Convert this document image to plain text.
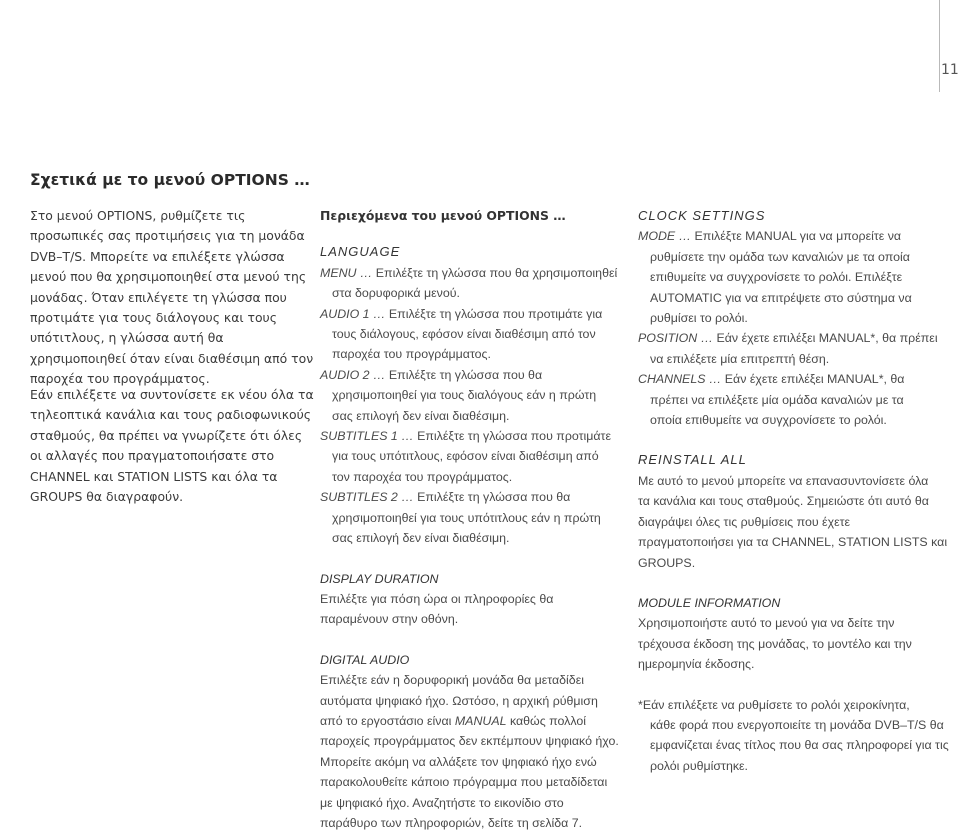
11
Σχετικά με το μενού OPTIONS …
Στο μενού OPTIONS, ρυθμίζετε τις προσωπικές σας προτιμήσεις για τη μονάδα DVB–T/S. Μπορείτε να επιλέξετε γλώσσα μενού που θα χρησιμοποιηθεί στα μενού της μονάδας. Όταν επιλέγετε τη γλώσσα που προτιμάτε για τους διάλογους και τους υπότιτλους, η γλώσσα αυτή θα χρησιμοποιηθεί όταν είναι διαθέσιμη από τον παροχέα του προγράμματος.
Εάν επιλέξετε να συντονίσετε εκ νέου όλα τα τηλεοπτικά κανάλια και τους ραδιοφωνικούς σταθμούς, θα πρέπει να γνωρίζετε ότι όλες οι αλλαγές που πραγματοποιήσατε στο CHANNEL και STATION LISTS και όλα τα GROUPS θα διαγραφούν.
Περιεχόμενα του μενού OPTIONS …
LANGUAGE
MENU … Επιλέξτε τη γλώσσα που θα χρησιμοποιηθεί
στα δορυφορικά μενού.
AUDIO 1 … Επιλέξτε τη γλώσσα που προτιμάτε για
τους διάλογους, εφόσον είναι διαθέσιμη από τον
παροχέα του προγράμματος.
AUDIO 2 … Επιλέξτε τη γλώσσα που θα
χρησιμοποιηθεί για τους διαλόγους εάν η πρώτη
σας επιλογή δεν είναι διαθέσιμη.
SUBTITLES 1 … Επιλέξτε τη γλώσσα που προτιμάτε
για τους υπότιτλους, εφόσον είναι διαθέσιμη από
τον παροχέα του προγράμματος.
SUBTITLES 2 … Επιλέξτε τη γλώσσα που θα
χρησιμοποιηθεί για τους υπότιτλους εάν η πρώτη
σας επιλογή δεν είναι διαθέσιμη.
DISPLAY DURATION
Επιλέξτε για πόση ώρα οι πληροφορίες θα
παραμένουν στην οθόνη.
DIGITAL AUDIO
Επιλέξτε εάν η δορυφορική μονάδα θα μεταδίδει
αυτόματα ψηφιακό ήχο. Ωστόσο, η αρχική ρύθμιση
από το εργοστάσιο είναι MANUAL καθώς πολλοί
παροχείς προγράμματος δεν εκπέμπουν ψηφιακό ήχο.
Μπορείτε ακόμη να αλλάξετε τον ψηφιακό ήχο ενώ
παρακολουθείτε κάποιο πρόγραμμα που μεταδίδεται
με ψηφιακό ήχο. Αναζητήστε το εικονίδιο στο
παράθυρο των πληροφοριών, δείτε τη σελίδα 7.
CLOCK SETTINGS
MODE … Επιλέξτε MANUAL για να μπορείτε να
ρυθμίσετε την ομάδα των καναλιών με τα οποία
επιθυμείτε να συγχρονίσετε το ρολόι. Επιλέξτε
AUTOMATIC για να επιτρέψετε στο σύστημα να
ρυθμίσει το ρολόι.
POSITION … Εάν έχετε επιλέξει MANUAL*, θα πρέπει
να επιλέξετε μία επιτρεπτή θέση.
CHANNELS … Εάν έχετε επιλέξει MANUAL*, θα
πρέπει να επιλέξετε μία ομάδα καναλιών με τα
οποία επιθυμείτε να συγχρονίσετε το ρολόι.
REINSTALL ALL
Με αυτό το μενού μπορείτε να επανασυντονίσετε όλα
τα κανάλια και τους σταθμούς. Σημειώστε ότι αυτό θα
διαγράψει όλες τις ρυθμίσεις που έχετε
πραγματοποιήσει για τα CHANNEL, STATION LISTS και
GROUPS.
MODULE INFORMATION
Χρησιμοποιήστε αυτό το μενού για να δείτε την
τρέχουσα έκδοση της μονάδας, το μοντέλο και την
ημερομηνία έκδοσης.
*Εάν επιλέξετε να ρυθμίσετε το ρολόι χειροκίνητα,
κάθε φορά που ενεργοποιείτε τη μονάδα DVB–T/S θα
εμφανίζεται ένας τίτλος που θα σας πληροφορεί για τις
ρολόι ρυθμίστηκε.
